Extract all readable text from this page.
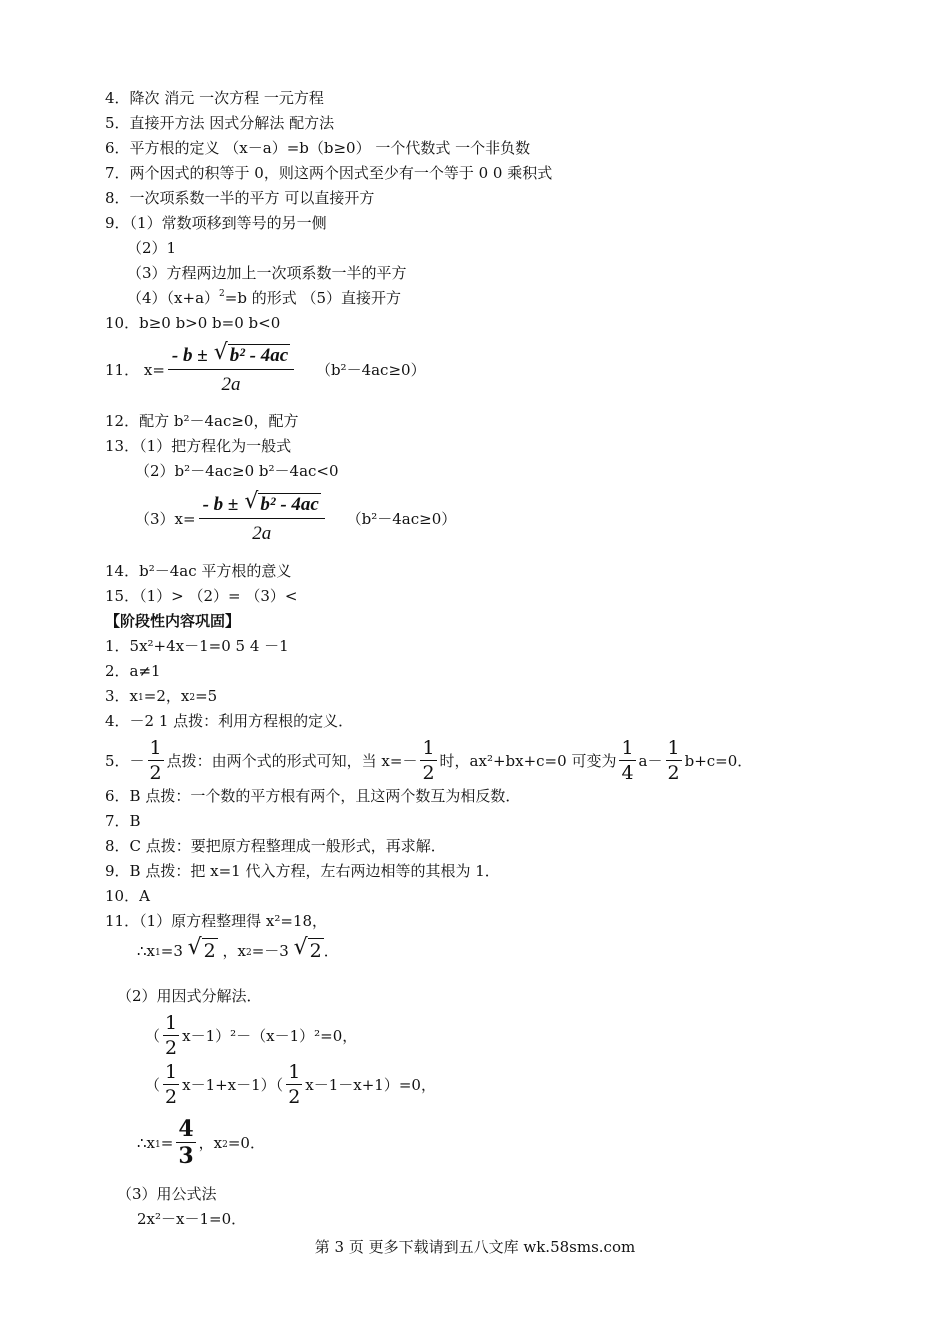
4．降次 消元 一次方程 一元方程
5．直接开方法 因式分解法 配方法
6．平方根的定义 （x－a）=b（b≥0） 一个代数式 一个非负数
7．两个因式的积等于 0，则这两个因式至少有一个等于 0 0 乘积式
8．一次项系数一半的平方 可以直接开方
9．（1）常数项移到等号的另一侧
（2）1
（3）方程两边加上一次项系数一半的平方
$(4)(x+a)^2=b$ 的形式 （5）直接开方
10．b≥0 b>0 b=0 b<0
11． $x= \frac{\text{- b ± √ b² - 4ac}}{2a} (b^2-4ac\ge 0)$
12．配方 b²－4ac≥0，配方
13．（1）把方程化为一般式
（2）b²－4ac≥0 b²－4ac<0
$(3)x= \frac{\text{- b ± √ b² - 4ac}}{2a} (b^2-4ac\ge 0)$
14．b²－4ac 平方根的意义
15．（1）> （2）= （3）<
【阶段性内容巩固】
1．5x²+4x－1=0 5 4 －1
2．a≠1
3．$x_1=2$，$x_2=5$
4．－2 1 点拨：利用方程根的定义．
5．－ $\frac{1}{2}$ 点拨：由两个式的形式可知，当 $x=- \frac{1}{2}$ 时，ax²+bx+c=0 可变为 $\frac{1}{4} a- \frac{1}{2} b+c=0$．
6．B 点拨：一个数的平方根有两个，且这两个数互为相反数．
7．B
8．C 点拨：要把原方程整理成一般形式，再求解．
9．B 点拨：把 x=1 代入方程，左右两边相等的其根为 1．
10．A
11．（1）原方程整理得 x²=18，
$\therefore x_1=3$ √ 2 ，$x_2=-3$ √ 2 ．
（2）用因式分解法．
（ $\frac{1}{2} x-1)^2-(x-1)^2=0$，
（ $\frac{1}{2} x-1+x-1)( \frac{1}{2} x-1-x+1)=0$，
$\therefore x_1= \frac{4}{3}$ ，$x_2=0$．
（3）用公式法
2x²－x－1=0．
第 3 页 更多下载请到五八文库 wk.58sms.com
